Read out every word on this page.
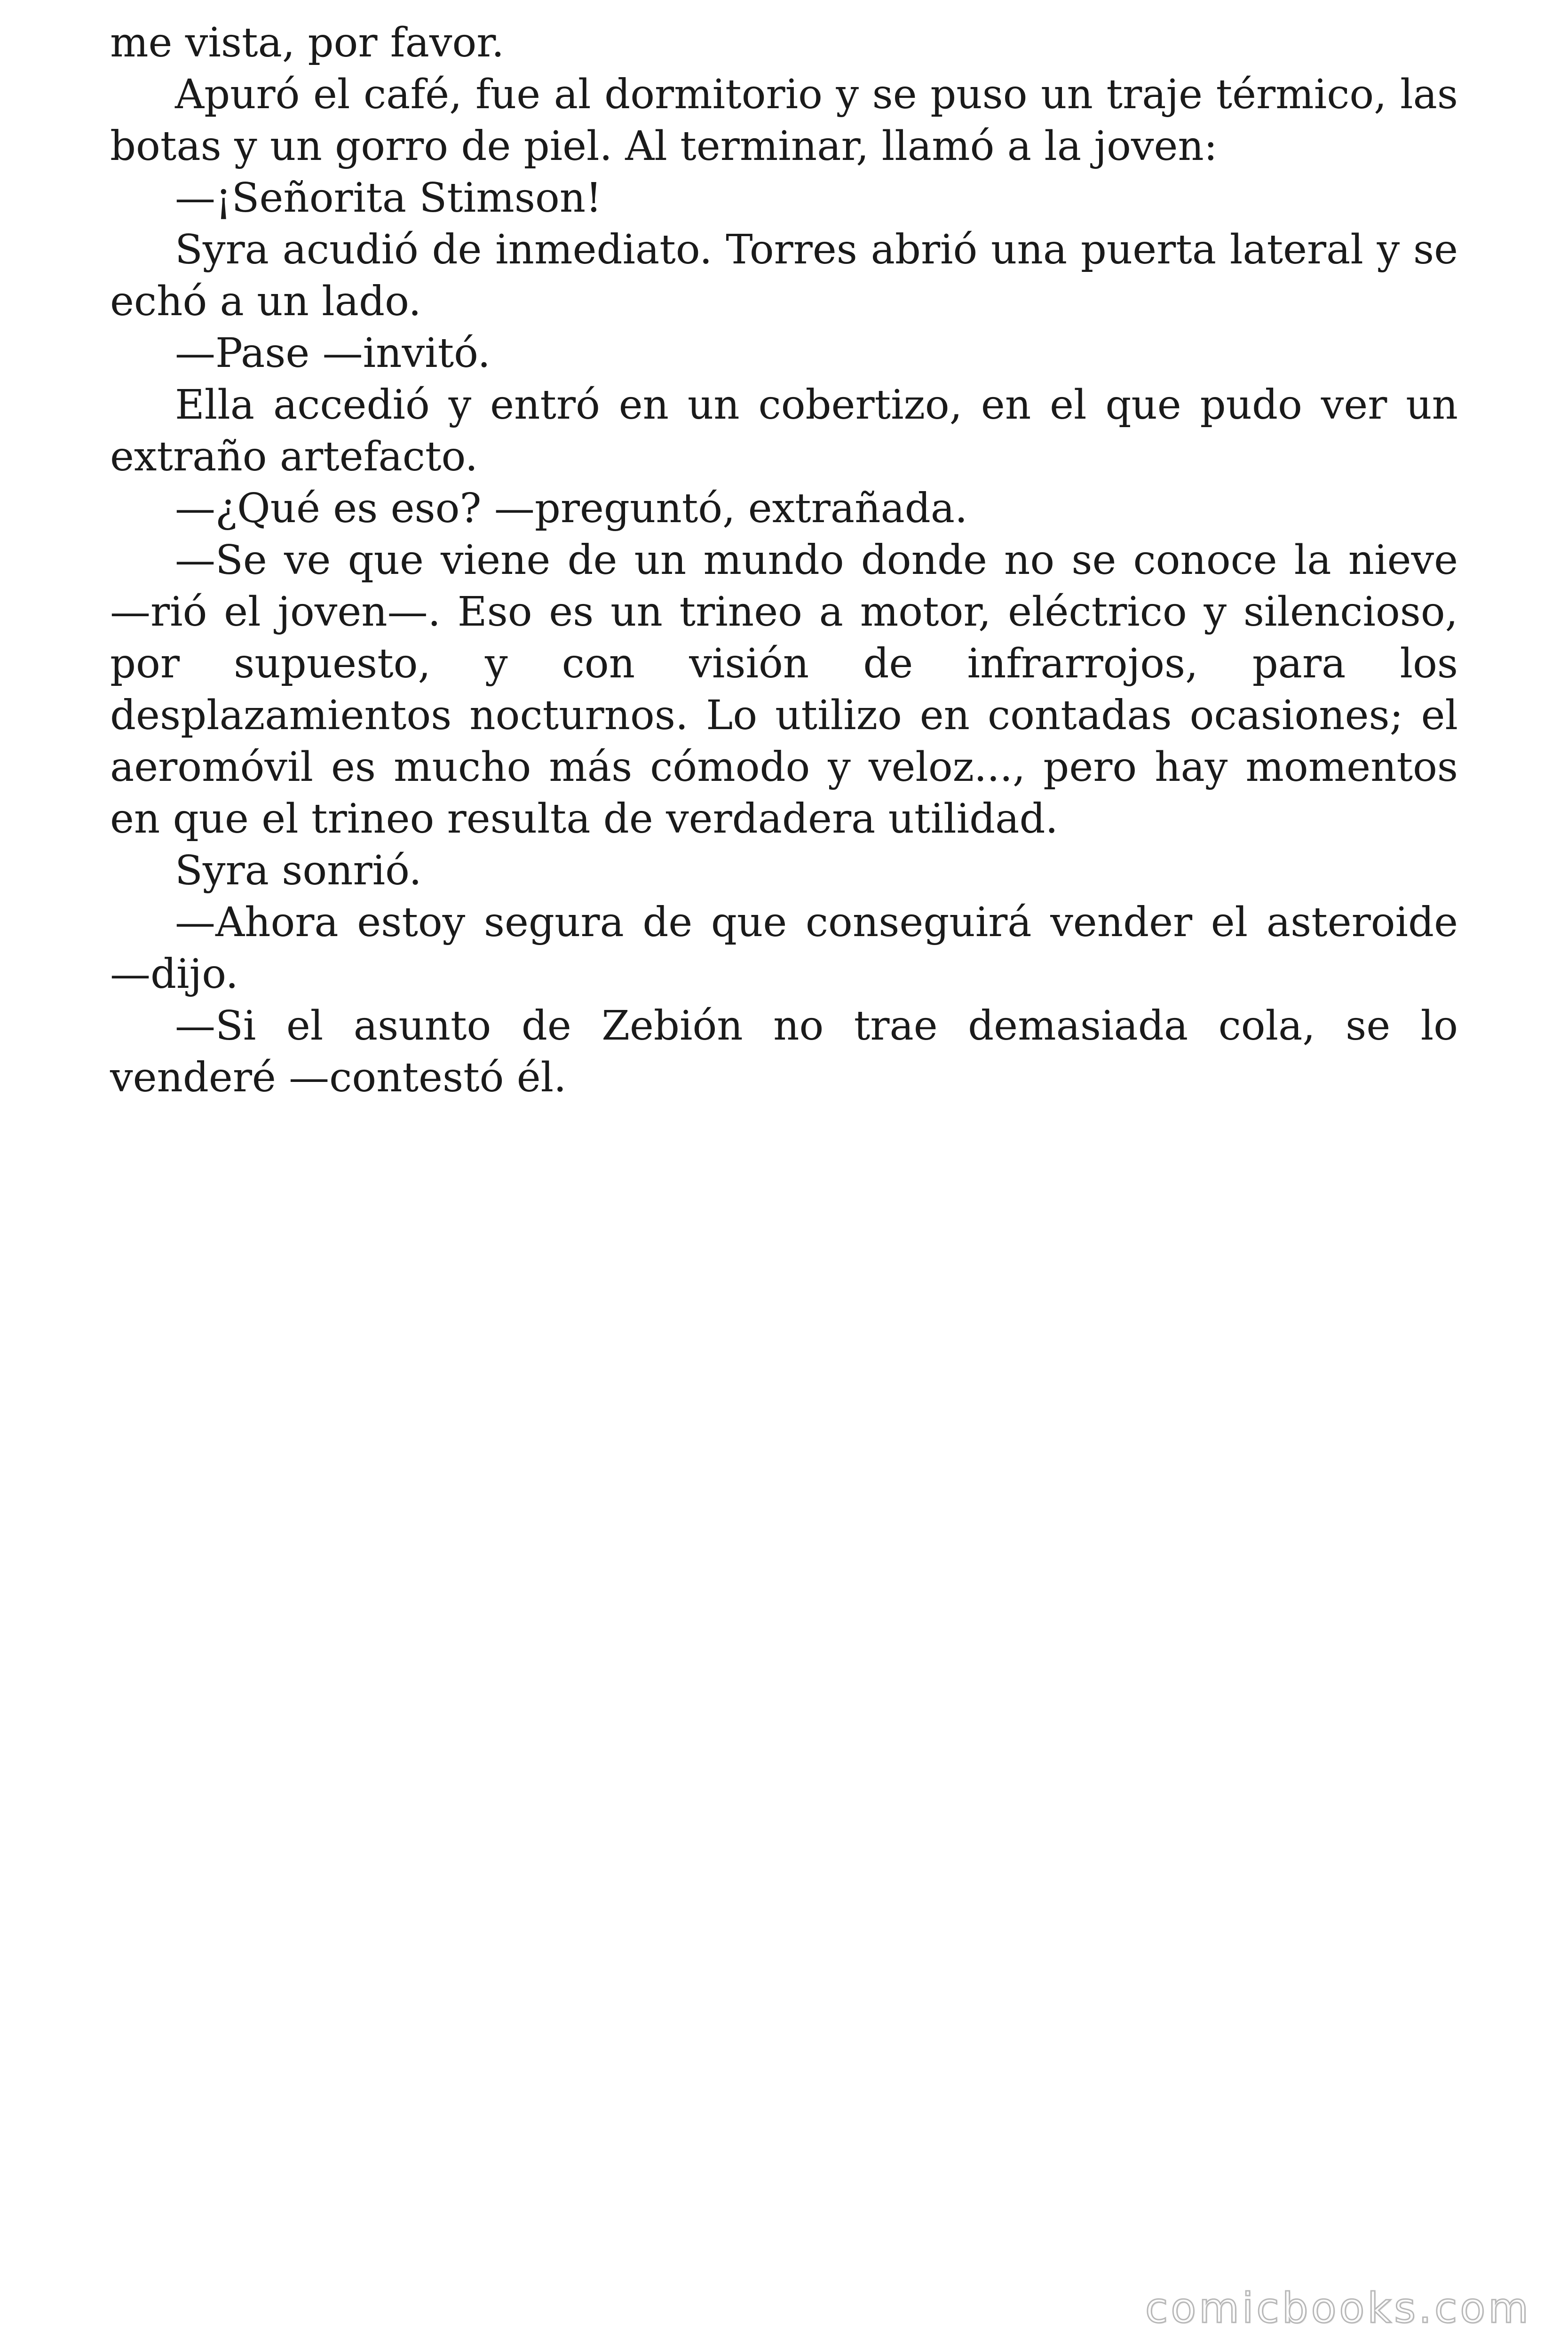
me vista, por favor.

Apuró el café, fue al dormitorio y se puso un traje térmico, las botas y un gorro de piel. Al terminar, llamó a la joven:

—¡Señorita Stimson!

Syra acudió de inmediato. Torres abrió una puerta lateral y se echó a un lado.

—Pase —invitó.

Ella accedió y entró en un cobertizo, en el que pudo ver un extraño artefacto.

—¿Qué es eso? —preguntó, extrañada.

—Se ve que viene de un mundo donde no se conoce la nieve —rió el joven—. Eso es un trineo a motor, eléctrico y silencioso, por supuesto, y con visión de infrarrojos, para los desplazamientos nocturnos. Lo utilizo en contadas ocasiones; el aeromóvil es mucho más cómodo y veloz..., pero hay momentos en que el trineo resulta de verdadera utilidad.

Syra sonrió.

—Ahora estoy segura de que conseguirá vender el asteroide —dijo.

—Si el asunto de Zebión no trae demasiada cola, se lo venderé —contestó él.

comicbooks.com
